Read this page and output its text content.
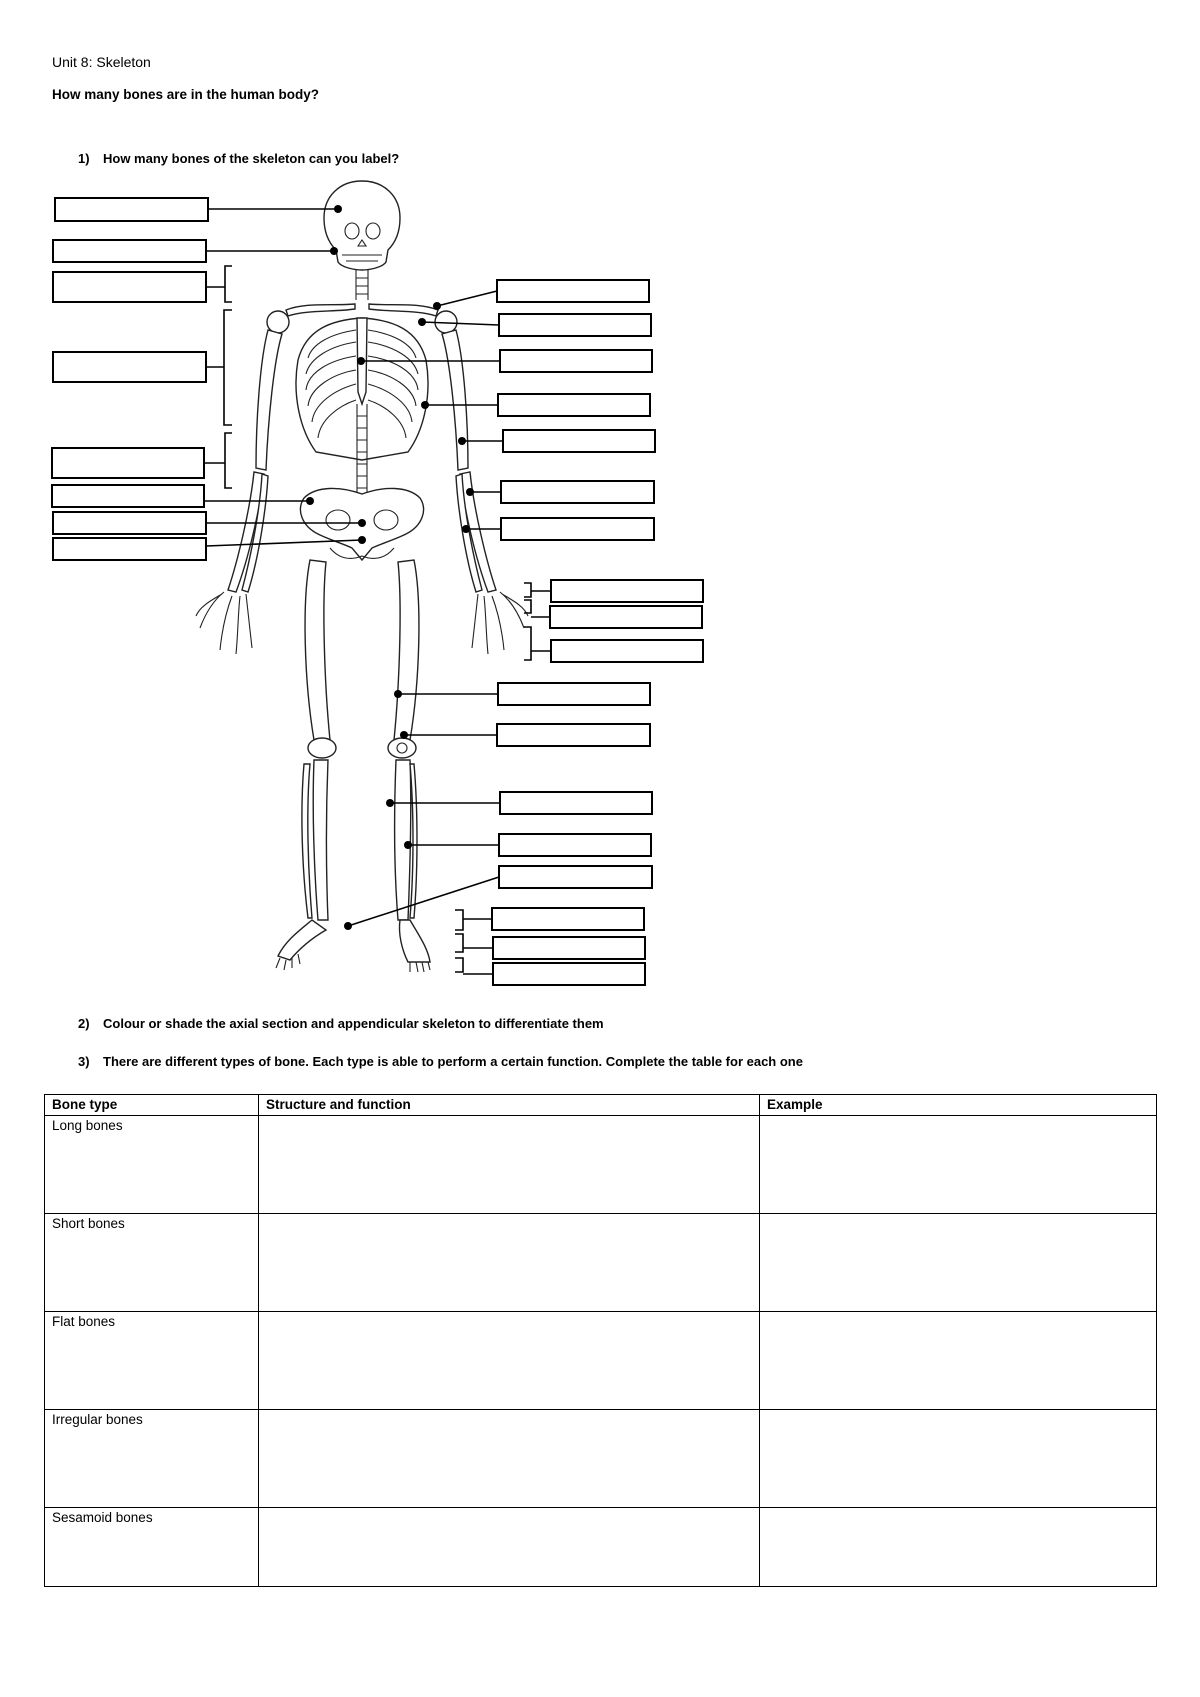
Unit 8: Skeleton
How many bones are in the human body?
1) How many bones of the skeleton can you label?
2) Colour or shade the axial section and appendicular skeleton to differentiate them
3) There are different types of bone. Each type is able to perform a certain function. Complete the table for each one
Bone type	Structure and function	Example
Long bones		
Short bones		
Flat bones		
Irregular bones		
Sesamoid bones		
